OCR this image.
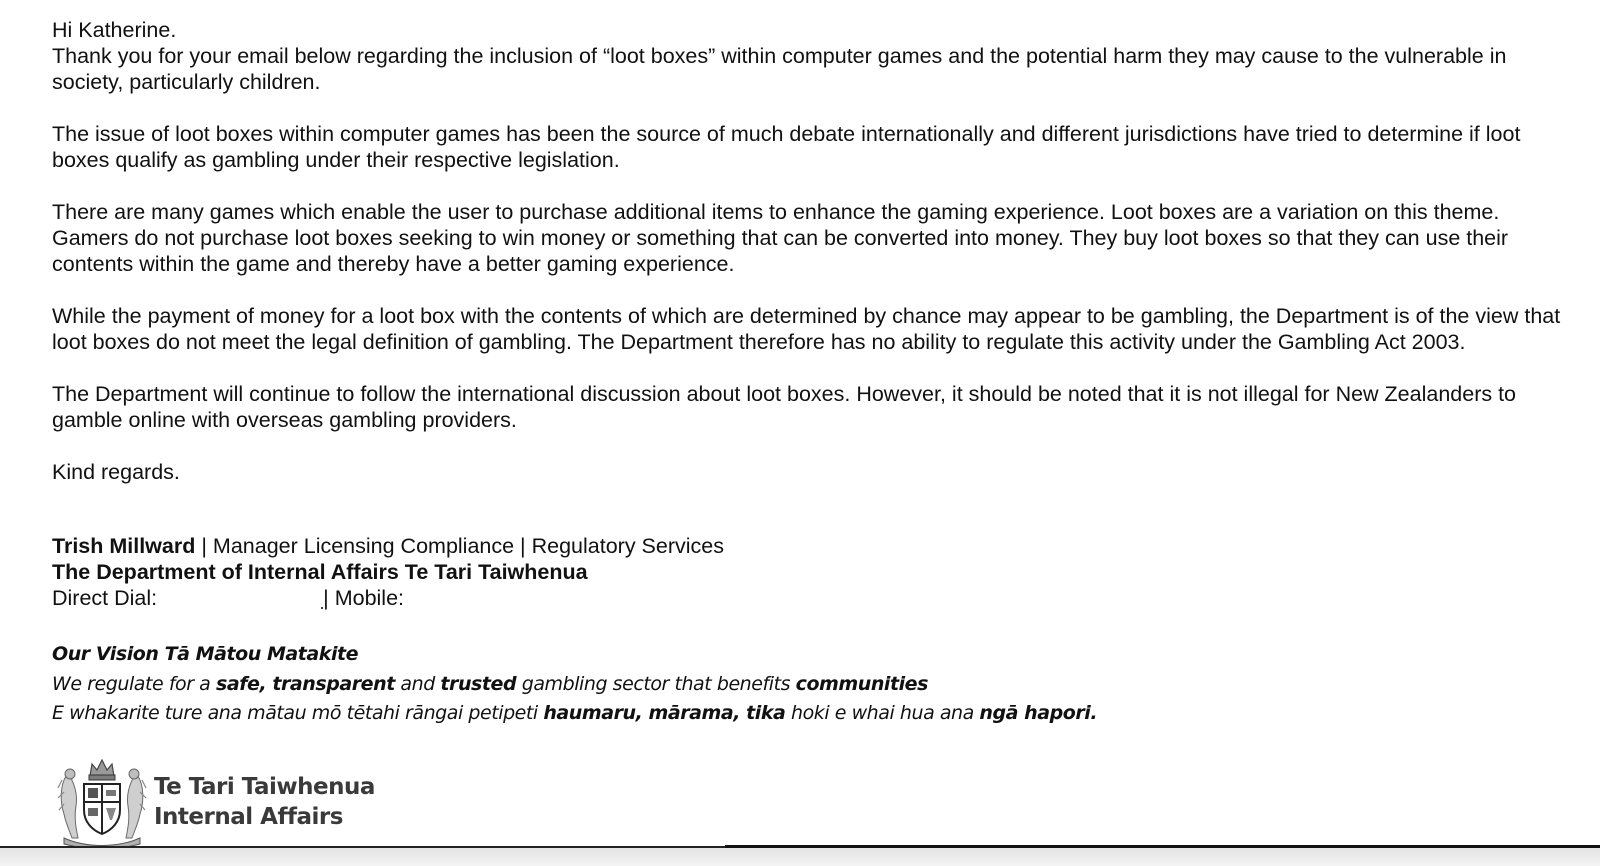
Hi Katherine.

Thank you for your email below regarding the inclusion of “loot boxes” within computer games and the potential harm they may cause to the vulnerable in society, particularly children.

The issue of loot boxes within computer games has been the source of much debate internationally and different jurisdictions have tried to determine if loot boxes qualify as gambling under their respective legislation.

There are many games which enable the user to purchase additional items to enhance the gaming experience. Loot boxes are a variation on this theme. Gamers do not purchase loot boxes seeking to win money or something that can be converted into money. They buy loot boxes so that they can use their contents within the game and thereby have a better gaming experience.

While the payment of money for a loot box with the contents of which are determined by chance may appear to be gambling, the Department is of the view that loot boxes do not meet the legal definition of gambling. The Department therefore has no ability to regulate this activity under the Gambling Act 2003.

The Department will continue to follow the international discussion about loot boxes. However, it should be noted that it is not illegal for New Zealanders to gamble online with overseas gambling providers.

Kind regards.

Trish Millward | Manager Licensing Compliance | Regulatory Services
The Department of Internal Affairs Te Tari Taiwhenua
Direct Dial:	| Mobile:
Our Vision Tā Mātou Matakite
We regulate for a safe, transparent and trusted gambling sector that benefits communities
E whakarite ture ana mātau mō tētahi rāngai petipeti haumaru, mārama, tika hoki e whai hua ana ngā hapori.
Te Tari Taiwhenua
Internal Affairs
